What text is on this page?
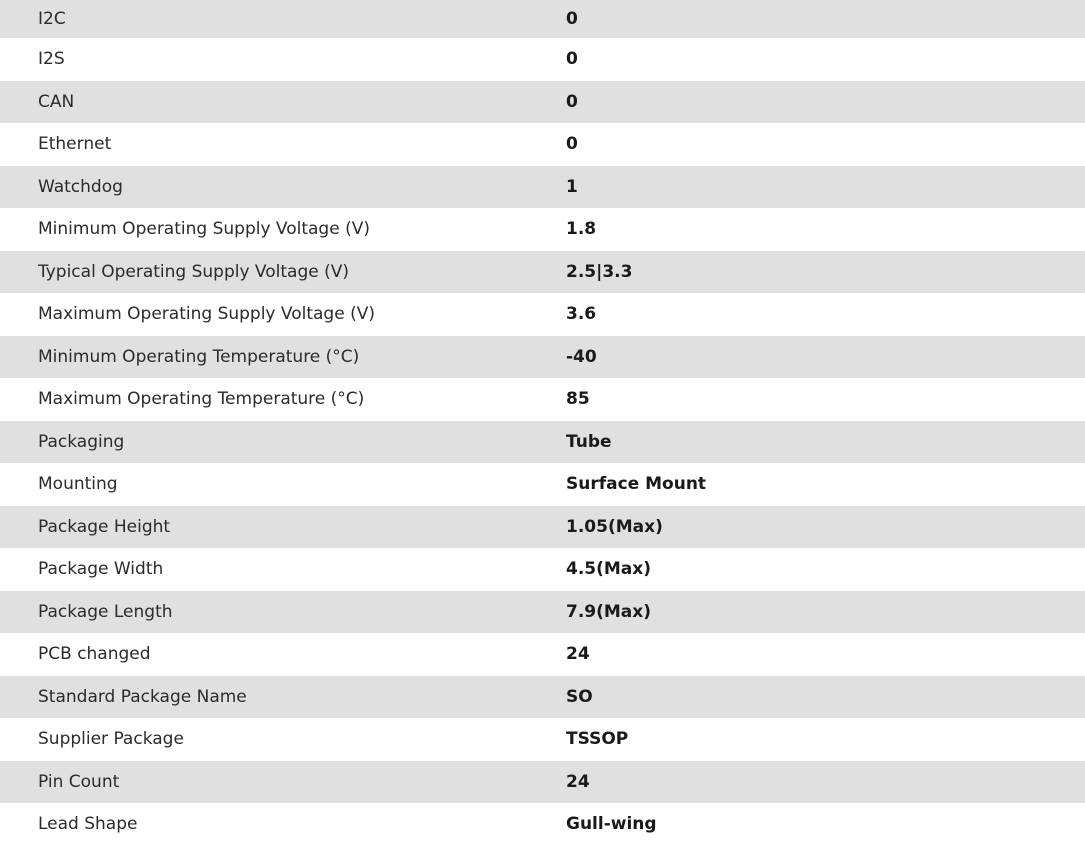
I2C	0
I2S	0
CAN	0
Ethernet	0
Watchdog	1
Minimum Operating Supply Voltage (V)	1.8
Typical Operating Supply Voltage (V)	2.5|3.3
Maximum Operating Supply Voltage (V)	3.6
Minimum Operating Temperature (°C)	-40
Maximum Operating Temperature (°C)	85
Packaging	Tube
Mounting	Surface Mount
Package Height	1.05(Max)
Package Width	4.5(Max)
Package Length	7.9(Max)
PCB changed	24
Standard Package Name	SO
Supplier Package	TSSOP
Pin Count	24
Lead Shape	Gull-wing
